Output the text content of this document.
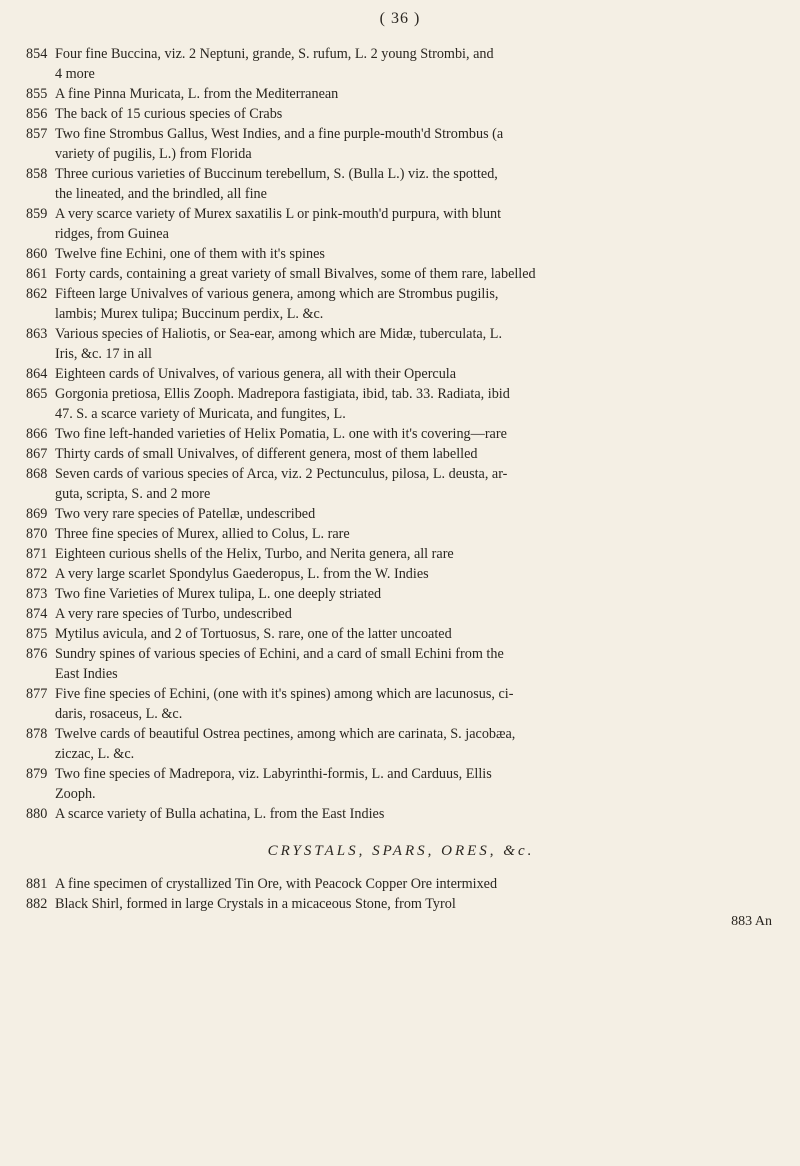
( 36 )
854 Four fine Buccina, viz. 2 Neptuni, grande, S. rufum, L. 2 young Strombi, and
4 more
855 A fine Pinna Muricata, L. from the Mediterranean
856 The back of 15 curious species of Crabs
857 Two fine Strombus Gallus, West Indies, and a fine purple-mouth'd Strombus (a
variety of pugilis, L.) from Florida
858 Three curious varieties of Buccinum terebellum, S. (Bulla L.) viz. the spotted,
the lineated, and the brindled, all fine
859 A very scarce variety of Murex saxatilis L or pink-mouth'd purpura, with blunt
ridges, from Guinea
860 Twelve fine Echini, one of them with it's spines
861 Forty cards, containing a great variety of small Bivalves, some of them rare, labelled
862 Fifteen large Univalves of various genera, among which are Strombus pugilis,
lambis; Murex tulipa; Buccinum perdix, L. &c.
863 Various species of Haliotis, or Sea-ear, among which are Midæ, tuberculata, L.
Iris, &c. 17 in all
864 Eighteen cards of Univalves, of various genera, all with their Opercula
865 Gorgonia pretiosa, Ellis Zooph. Madrepora fastigiata, ibid, tab. 33. Radiata, ibid
47. S. a scarce variety of Muricata, and fungites, L.
866 Two fine left-handed varieties of Helix Pomatia, L. one with it's covering—rare
867 Thirty cards of small Univalves, of different genera, most of them labelled
868 Seven cards of various species of Arca, viz. 2 Pectunculus, pilosa, L. deusta, ar-
guta, scripta, S. and 2 more
869 Two very rare species of Patellæ, undescribed
870 Three fine species of Murex, allied to Colus, L. rare
871 Eighteen curious shells of the Helix, Turbo, and Nerita genera, all rare
872 A very large scarlet Spondylus Gaederopus, L. from the W. Indies
873 Two fine Varieties of Murex tulipa, L. one deeply striated
874 A very rare species of Turbo, undescribed
875 Mytilus avicula, and 2 of Tortuosus, S. rare, one of the latter uncoated
876 Sundry spines of various species of Echini, and a card of small Echini from the
East Indies
877 Five fine species of Echini, (one with it's spines) among which are lacunosus, ci-
daris, rosaceus, L. &c.
878 Twelve cards of beautiful Ostrea pectines, among which are carinata, S. jacobæa,
ziczac, L. &c.
879 Two fine species of Madrepora, viz. Labyrinthi-formis, L. and Carduus, Ellis
Zooph.
880 A scarce variety of Bulla achatina, L. from the East Indies
CRYSTALS, SPARS, ORES, &c.
881 A fine specimen of crystallized Tin Ore, with Peacock Copper Ore intermixed
882 Black Shirl, formed in large Crystals in a micaceous Stone, from Tyrol
883 An
